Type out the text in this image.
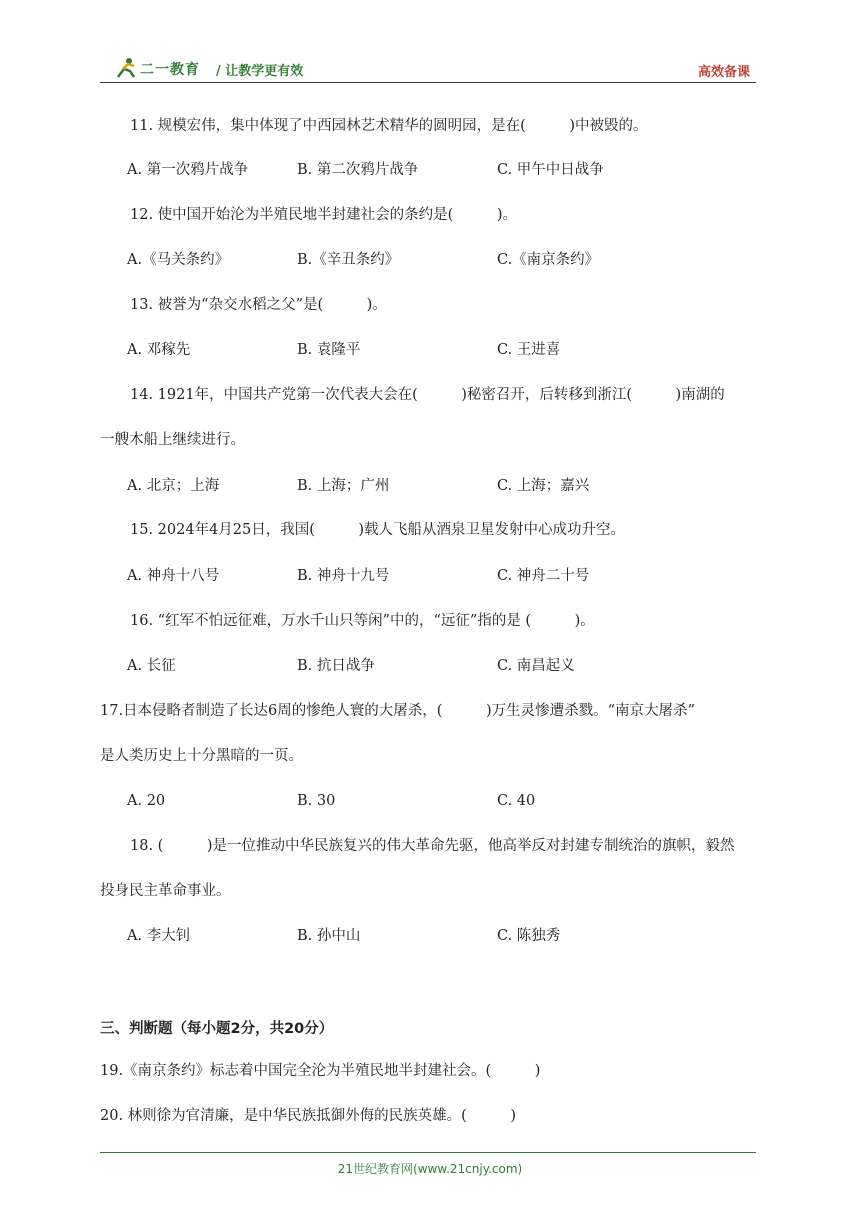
二一教育 / 让教学更有效	高效备课
11. 规模宏伟，集中体现了中西园林艺术精华的圆明园，是在(　　　)中被毁的。
A. 第一次鸦片战争	B. 第二次鸦片战争	C. 甲午中日战争
12. 使中国开始沦为半殖民地半封建社会的条约是(　　　)。
A.《马关条约》	B.《辛丑条约》	C.《南京条约》
13. 被誉为“杂交水稻之父”是(　　　)。
A. 邓稼先	B. 袁隆平	C. 王进喜
14. 1921年，中国共产党第一次代表大会在(　　　)秘密召开，后转移到浙江(　　　)南湖的
一艘木船上继续进行。
A. 北京；上海	B. 上海；广州	C. 上海；嘉兴
15. 2024年4月25日，我国(　　　)载人飞船从酒泉卫星发射中心成功升空。
A. 神舟十八号	B. 神舟十九号	C. 神舟二十号
16. “红军不怕远征难，万水千山只等闲”中的，“远征”指的是 (　　　)。
A. 长征	B. 抗日战争	C. 南昌起义
17.日本侵略者制造了长达6周的惨绝人寰的大屠杀，(　　　)万生灵惨遭杀戮。“南京大屠杀”
是人类历史上十分黑暗的一页。
A. 20	B. 30	C. 40
18. (　　　)是一位推动中华民族复兴的伟大革命先驱，他高举反对封建专制统治的旗帜，毅然
投身民主革命事业。
A. 李大钊	B. 孙中山	C. 陈独秀
三、判断题（每小题2分，共20分）
19.《南京条约》标志着中国完全沦为半殖民地半封建社会。(　　　)
20. 林则徐为官清廉，是中华民族抵御外侮的民族英雄。(　　　)
21世纪教育网(www.21cnjy.com)
